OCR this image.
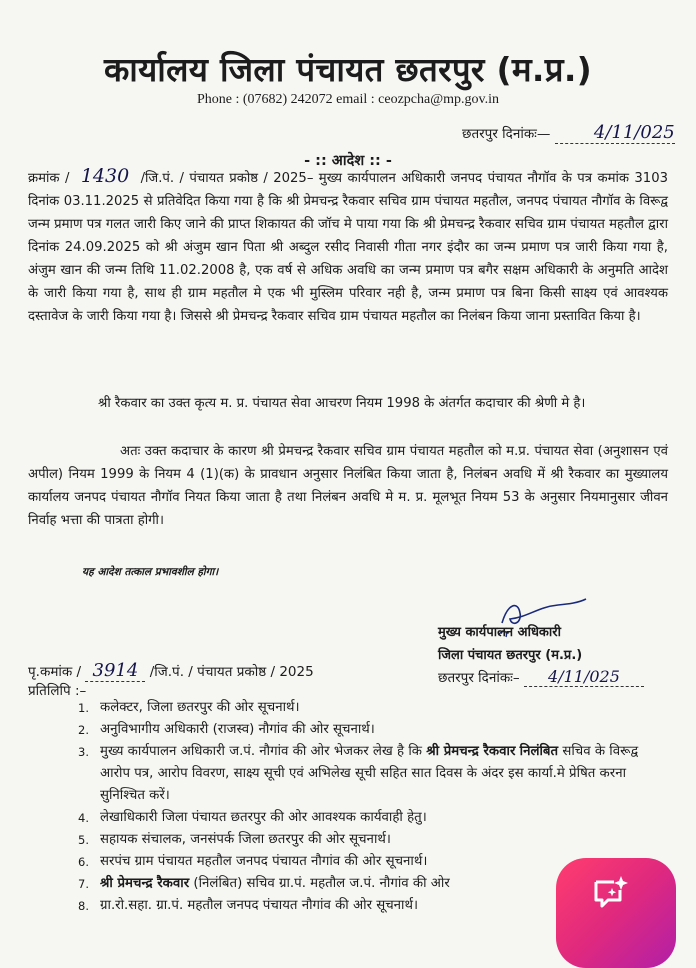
कार्यालय जिला पंचायत छतरपुर (म.प्र.)
Phone : (07682) 242072 email : ceozpcha@mp.gov.in
छतरपुर दिनांकः— 4/11/025
- :: आदेश :: -
क्रमांक / 1430 /जि.पं. / पंचायत प्रकोष्ठ / 2025– मुख्य कार्यपालन अधिकारी जनपद पंचायत नौगॉव के पत्र कमांक 3103 दिनांक 03.11.2025 से प्रतिवेदित किया गया है कि श्री प्रेमचन्द्र रैकवार सचिव ग्राम पंचायत महतौल, जनपद पंचायत नौगॉव के विरूद्व जन्म प्रमाण पत्र गलत जारी किए जाने की प्राप्त शिकायत की जॉच मे पाया गया कि श्री प्रेमचन्द्र रैकवार सचिव ग्राम पंचायत महतौल द्वारा दिनांक 24.09.2025 को श्री अंजुम खान पिता श्री अब्दुल रसीद निवासी गीता नगर इंदौर का जन्म प्रमाण पत्र जारी किया गया है, अंजुम खान की जन्म तिथि 11.02.2008 है, एक वर्ष से अधिक अवधि का जन्म प्रमाण पत्र बगैर सक्षम अधिकारी के अनुमति आदेश के जारी किया गया है, साथ ही ग्राम महतौल मे एक भी मुस्लिम परिवार नही है, जन्म प्रमाण पत्र बिना किसी साक्ष्य एवं आवश्यक दस्तावेज के जारी किया गया है। जिससे श्री प्रेमचन्द्र रैकवार सचिव ग्राम पंचायत महतौल का निलंबन किया जाना प्रस्तावित किया है।
श्री रैकवार का उक्त कृत्य म. प्र. पंचायत सेवा आचरण नियम 1998 के अंतर्गत कदाचार की श्रेणी मे है।
अतः उक्त कदाचार के कारण श्री प्रेमचन्द्र रैकवार सचिव ग्राम पंचायत महतौल को म.प्र. पंचायत सेवा (अनुशासन एवं अपील) नियम 1999 के नियम 4 (1)(क) के प्रावधान अनुसार निलंबित किया जाता है, निलंबन अवधि में श्री रैकवार का मुख्यालय कार्यालय जनपद पंचायत नौगॉव नियत किया जाता है तथा निलंबन अवधि मे म. प्र. मूलभूत नियम 53 के अनुसार नियमानुसार जीवन निर्वाह भत्ता की पात्रता होगी।
यह आदेश तत्काल प्रभावशील होगा।
मुख्य कार्यपालन अधिकारी
जिला पंचायत छतरपुर (म.प्र.)
छतरपुर दिनांकः– 4/11/025
पृ.कमांक / 3914 /जि.पं. / पंचायत प्रकोष्ठ / 2025
प्रतिलिपि :–
1. कलेक्टर, जिला छतरपुर की ओर सूचनार्थ।
2. अनुविभागीय अधिकारी (राजस्व) नौगांव की ओर सूचनार्थ।
3. मुख्य कार्यपालन अधिकारी ज.पं. नौगांव की ओर भेजकर लेख है कि श्री प्रेमचन्द्र रैकवार निलंबित सचिव के विरूद्व आरोप पत्र, आरोप विवरण, साक्ष्य सूची एवं अभिलेख सूची सहित सात दिवस के अंदर इस कार्या.मे प्रेषित करना सुनिश्चित करें।
4. लेखाधिकारी जिला पंचायत छतरपुर की ओर आवश्यक कार्यवाही हेतु।
5. सहायक संचालक, जनसंपर्क जिला छतरपुर की ओर सूचनार्थ।
6. सरपंच ग्राम पंचायत महतौल जनपद पंचायत नौगांव की ओर सूचनार्थ।
7. श्री प्रेमचन्द्र रैकवार (निलंबित) सचिव ग्रा.पं. महतौल ज.पं. नौगांव की ओर
8. ग्रा.रो.सहा. ग्रा.पं. महतौल जनपद पंचायत नौगांव की ओर सूचनार्थ।
